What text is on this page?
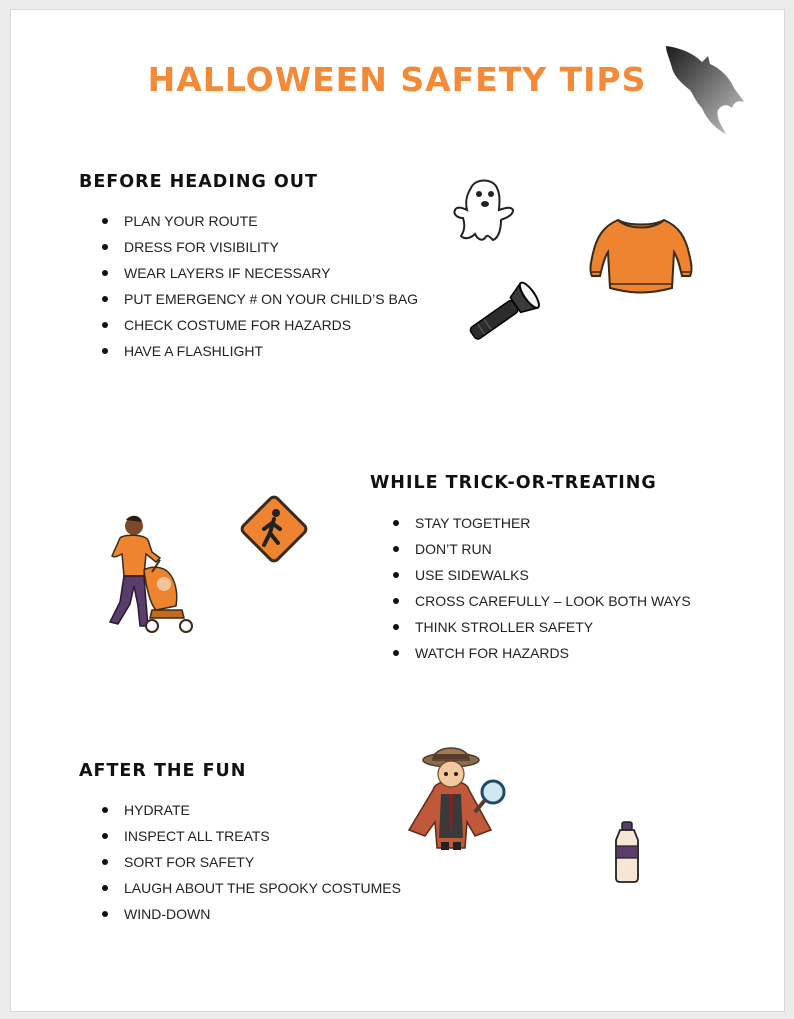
HALLOWEEN SAFETY TIPS
BEFORE HEADING OUT
PLAN YOUR ROUTE
DRESS FOR VISIBILITY
WEAR LAYERS IF NECESSARY
PUT EMERGENCY # ON YOUR CHILD’S BAG
CHECK COSTUME FOR HAZARDS
HAVE A FLASHLIGHT
WHILE TRICK-OR-TREATING
STAY TOGETHER
DON’T RUN
USE SIDEWALKS
CROSS CAREFULLY – LOOK BOTH WAYS
THINK STROLLER SAFETY
WATCH FOR HAZARDS
AFTER THE FUN
HYDRATE
INSPECT ALL TREATS
SORT FOR SAFETY
LAUGH ABOUT THE SPOOKY COSTUMES
WIND-DOWN
